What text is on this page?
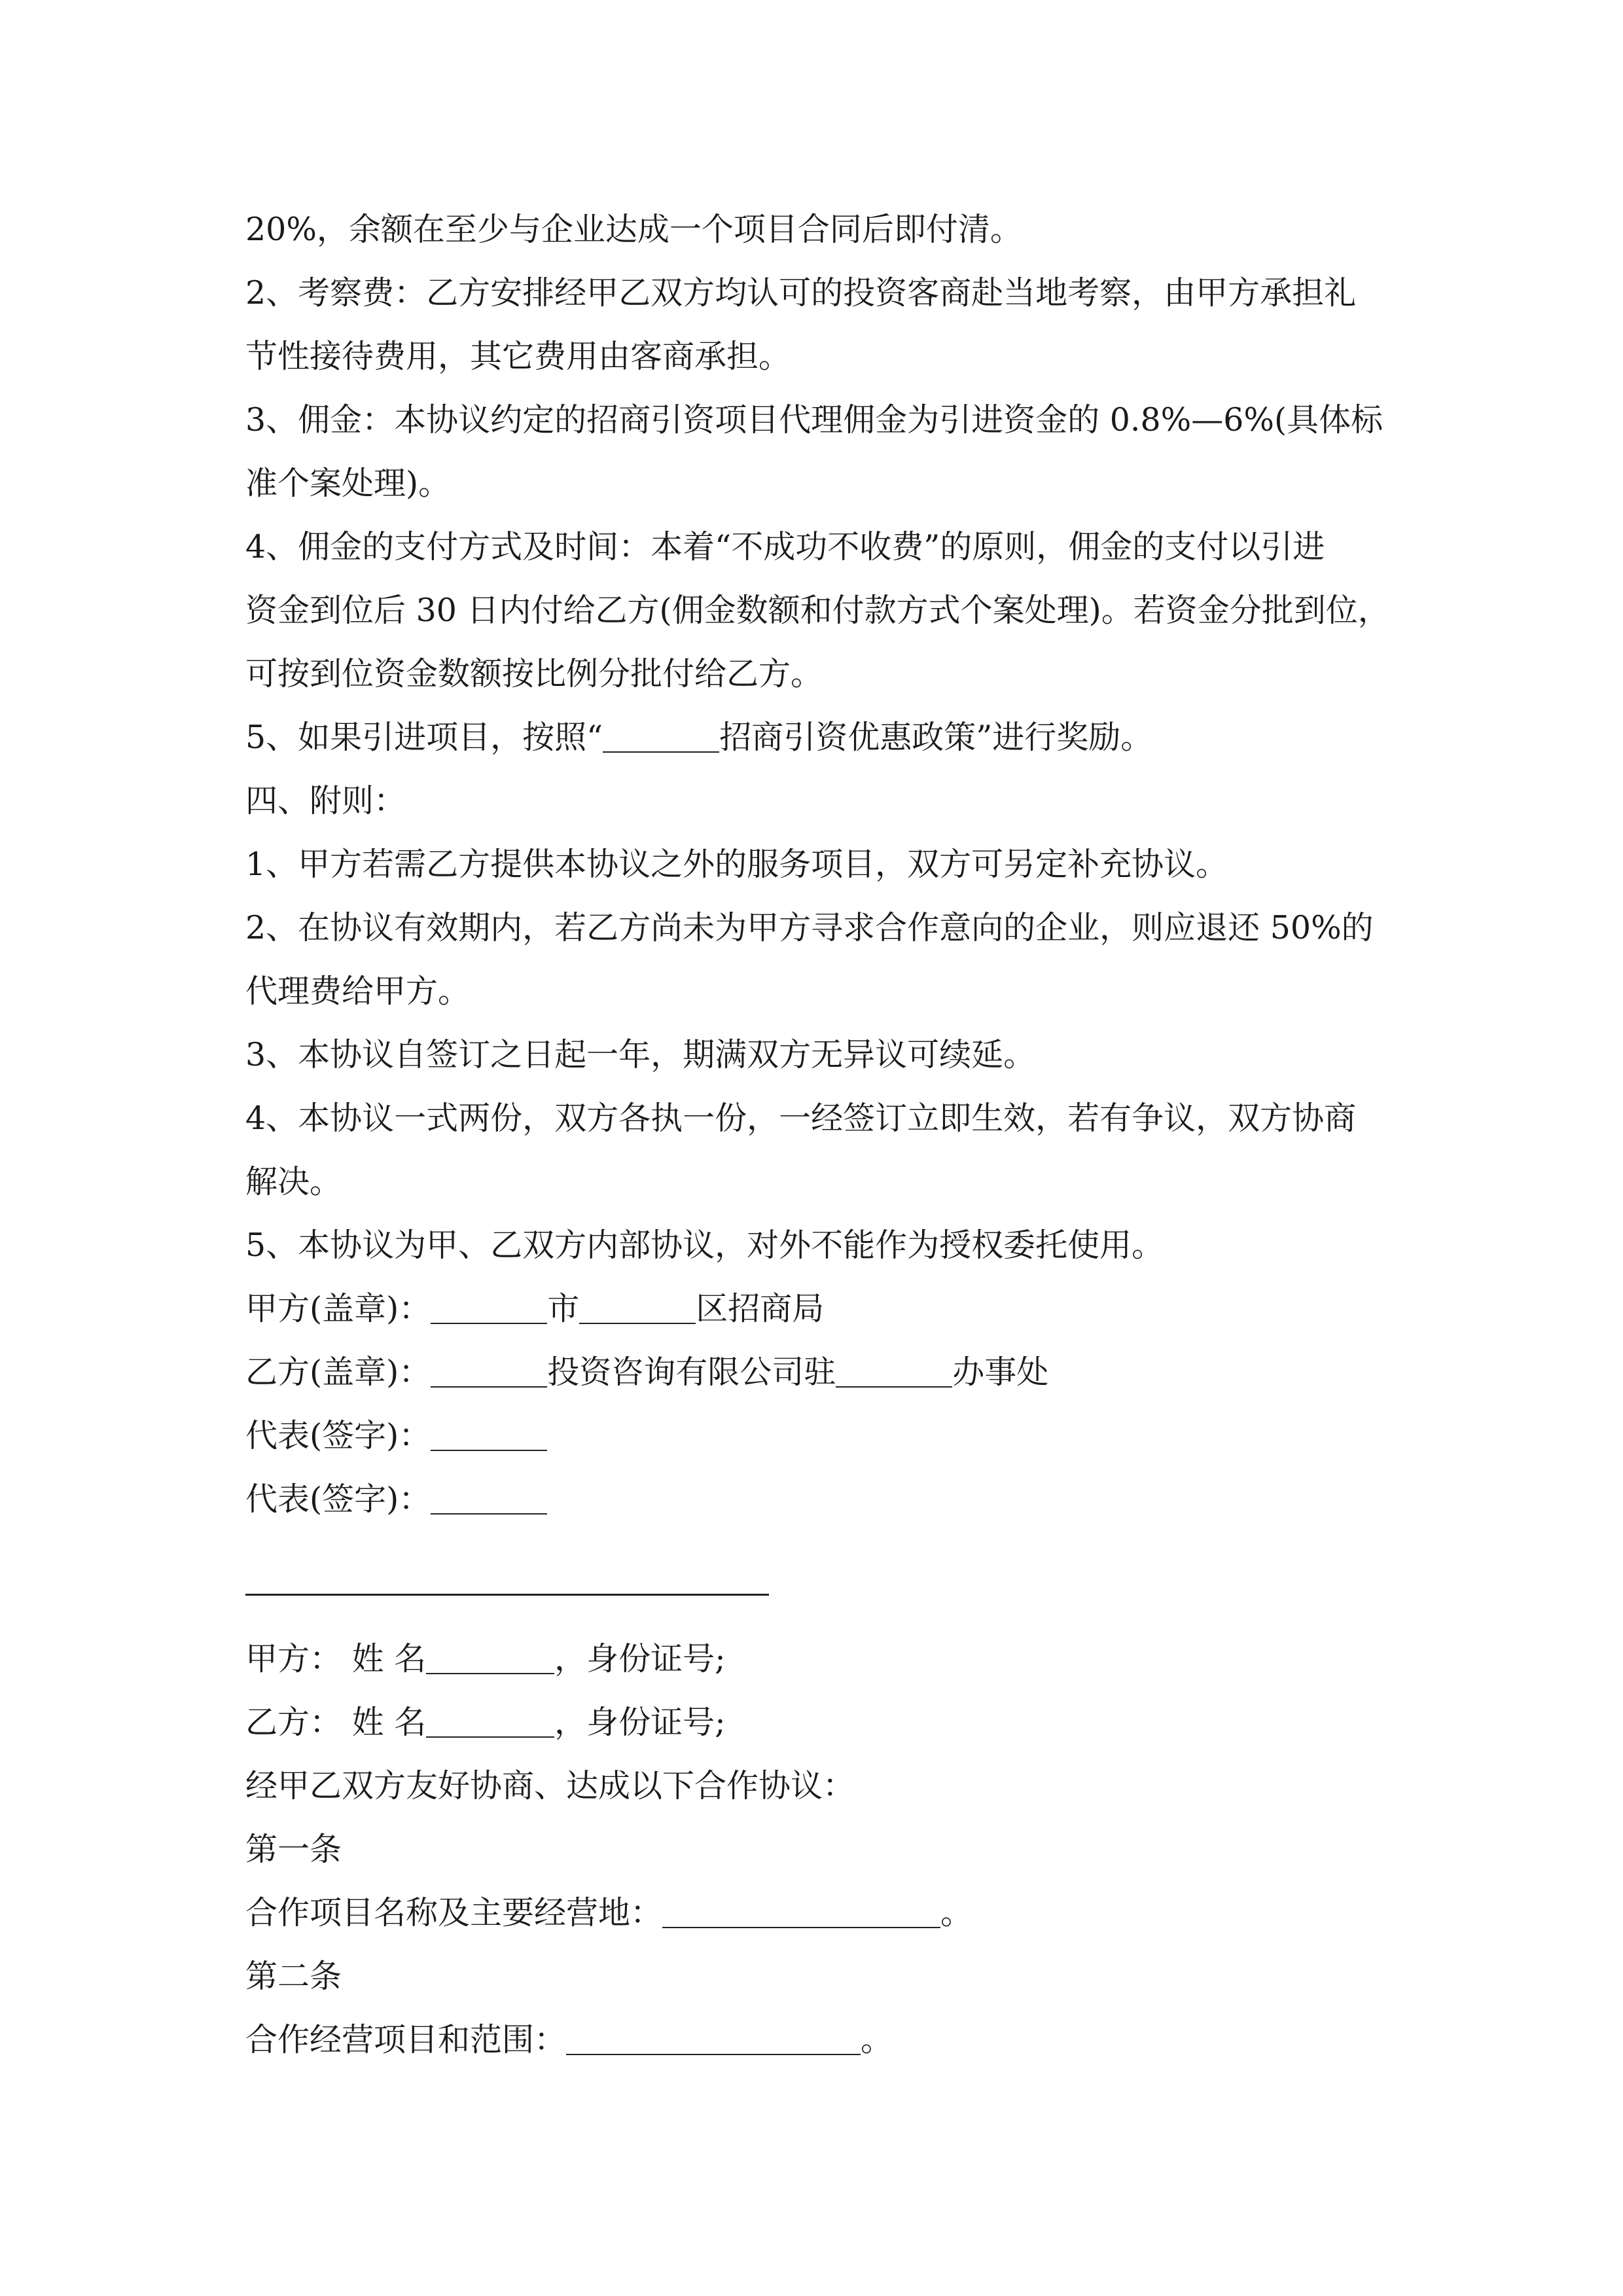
20%，余额在至少与企业达成一个项目合同后即付清。
2、考察费：乙方安排经甲乙双方均认可的投资客商赴当地考察，由甲方承担礼
节性接待费用，其它费用由客商承担。
3、佣金：本协议约定的招商引资项目代理佣金为引进资金的 0.8%—6%(具体标
准个案处理)。
4、佣金的支付方式及时间：本着“不成功不收费”的原则，佣金的支付以引进
资金到位后 30 日内付给乙方(佣金数额和付款方式个案处理)。若资金分批到位，
可按到位资金数额按比例分批付给乙方。
5、如果引进项目，按照“	招商引资优惠政策”进行奖励。
四、附则：
1、甲方若需乙方提供本协议之外的服务项目，双方可另定补充协议。
2、在协议有效期内，若乙方尚未为甲方寻求合作意向的企业，则应退还 50%的
代理费给甲方。
3、本协议自签订之日起一年，期满双方无异议可续延。
4、本协议一式两份，双方各执一份，一经签订立即生效，若有争议，双方协商
解决。
5、本协议为甲、乙双方内部协议，对外不能作为授权委托使用。
甲方(盖章)：	市	区招商局
乙方(盖章)：	投资咨询有限公司驻	办事处
代表(签字)：
代表(签字)：
甲方： 姓 名	，身份证号;
乙方： 姓 名	，身份证号;
经甲乙双方友好协商、达成以下合作协议：
第一条
合作项目名称及主要经营地：	。
第二条
合作经营项目和范围：	。
